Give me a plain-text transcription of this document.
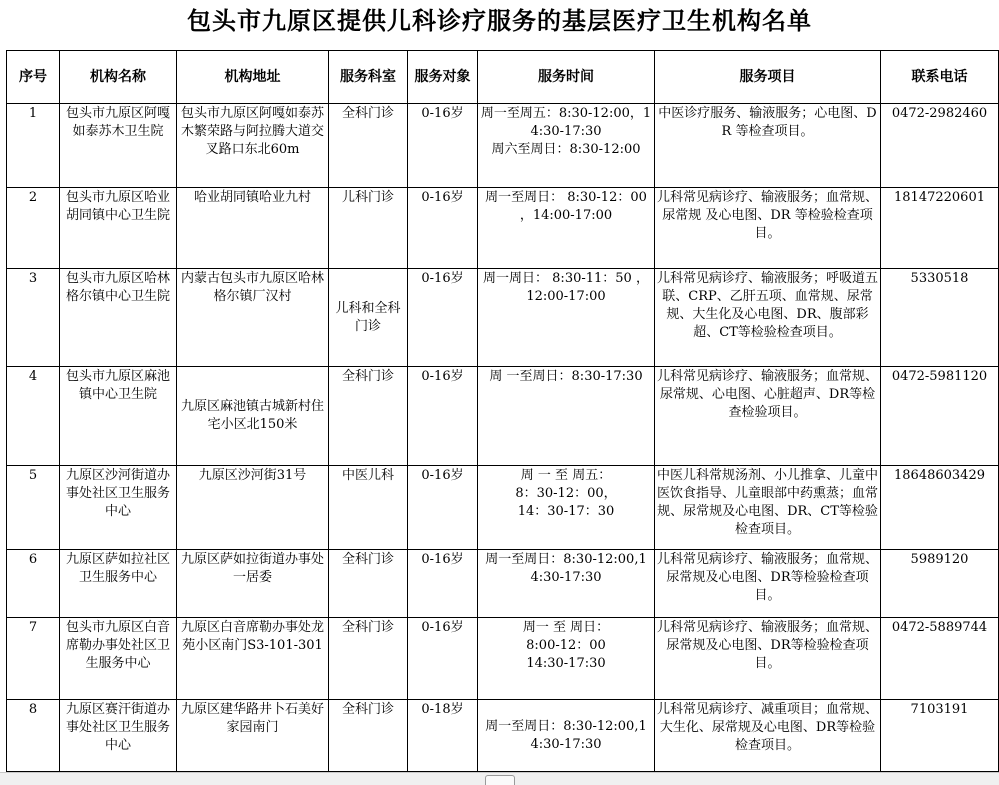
包头市九原区提供儿科诊疗服务的基层医疗卫生机构名单
序号	机构名称	机构地址	服务科室	服务对象	服务时间	服务项目	联系电话
1	包头市九原区阿嘎如泰苏木卫生院	包头市九原区阿嘎如泰苏木繁荣路与阿拉腾大道交叉路口东北60m	全科门诊	0-16岁	周一至周五：8:30-12:00，14:30-17:30
周六至周日：8:30-12:00	中医诊疗服务、输液服务；心电图、DR 等检查项目。	0472-2982460
2	包头市九原区哈业胡同镇中心卫生院	哈业胡同镇哈业九村	儿科门诊	0-16岁	周一至周日： 8:30-12：00 ，14:00-17:00	儿科常见病诊疗、输液服务；血常规、尿常规 及心电图、DR 等检验检查项目。	18147220601
3	包头市九原区哈林格尔镇中心卫生院	内蒙古包头市九原区哈林格尔镇厂汉村	儿科和全科门诊	0-16岁	周一周日： 8:30-11：50 ，12:00-17:00	儿科常见病诊疗、输液服务；呼吸道五联、CRP、乙肝五项、血常规、尿常规、大生化及心电图、DR、腹部彩超、CT等检验检查项目。	5330518
4	包头市九原区麻池镇中心卫生院	九原区麻池镇古城新村住宅小区北150米	全科门诊	0-16岁	周 一至周日：8:30-17:30	儿科常见病诊疗、输液服务；血常规、 尿常规、心电图、心脏超声、DR等检查检验项目。	0472-5981120
5	九原区沙河街道办事处社区卫生服务中心	九原区沙河街31号	中医儿科	0-16岁	周 一 至 周五：
8：30-12：00，
14：30-17：30	中医儿科常规汤剂、小儿推拿、儿童中医饮食指导、儿童眼部中药熏蒸；血常规、尿常规及心电图、DR、CT等检验检查项目。	18648603429
6	九原区萨如拉社区卫生服务中心	九原区萨如拉街道办事处一居委	全科门诊	0-16岁	周一至周日：8:30-12:00,14:30-17:30	儿科常见病诊疗、输液服务；血常规、尿常规及心电图、DR等检验检查项目。	5989120
7	包头市九原区白音席勒办事处社区卫生服务中心	九原区白音席勒办事处龙苑小区南门S3-101-301	全科门诊	0-16岁	周一 至 周日：
8:00-12：00
14:30-17:30	儿科常见病诊疗、输液服务；血常规、尿常规及心电图、DR等检验检查项目。	0472-5889744
8	九原区赛汗街道办事处社区卫生服务中心	九原区建华路井卜石美好家园南门	全科门诊	0-18岁	周一至周日：8:30-12:00,14:30-17:30	儿科常见病诊疗、减重项目；血常规、大生化、尿常规及心电图、DR等检验检查项目。	7103191
